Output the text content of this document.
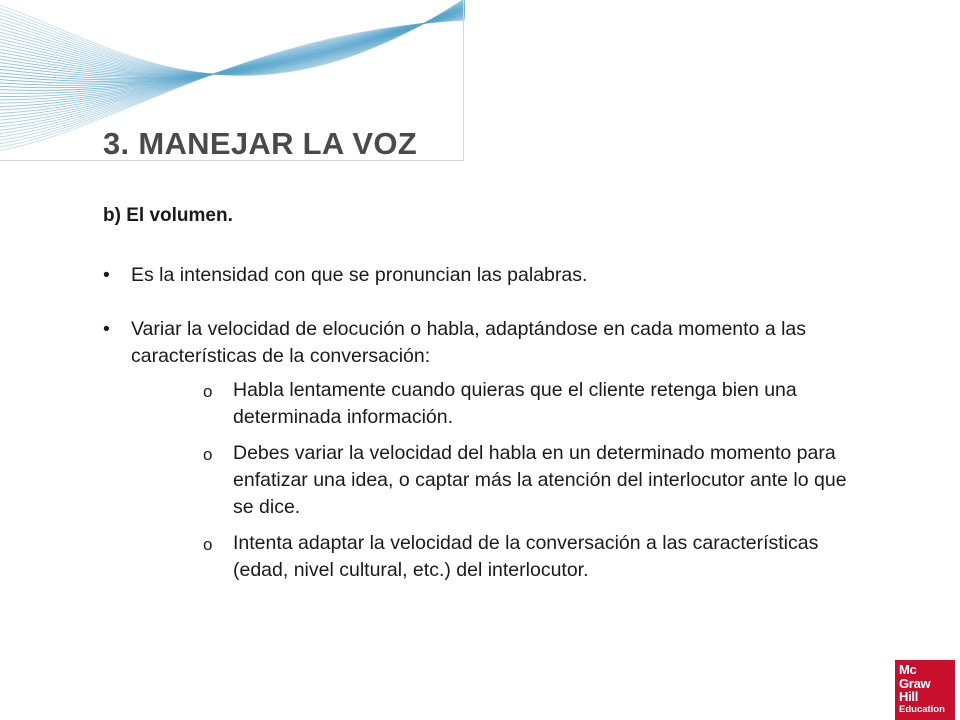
3. MANEJAR LA VOZ

b) El volumen.

• Es la intensidad con que se pronuncian las palabras.
• Variar la velocidad de elocución o habla, adaptándose en cada momento a las características de la conversación:
o Habla lentamente cuando quieras que el cliente retenga bien una determinada información.
o Debes variar la velocidad del habla en un determinado momento para enfatizar una idea, o captar más la atención del interlocutor ante lo que se dice.
o Intenta adaptar la velocidad de la conversación a las características (edad, nivel cultural, etc.) del interlocutor.
Mc
Graw
Hill
Education
